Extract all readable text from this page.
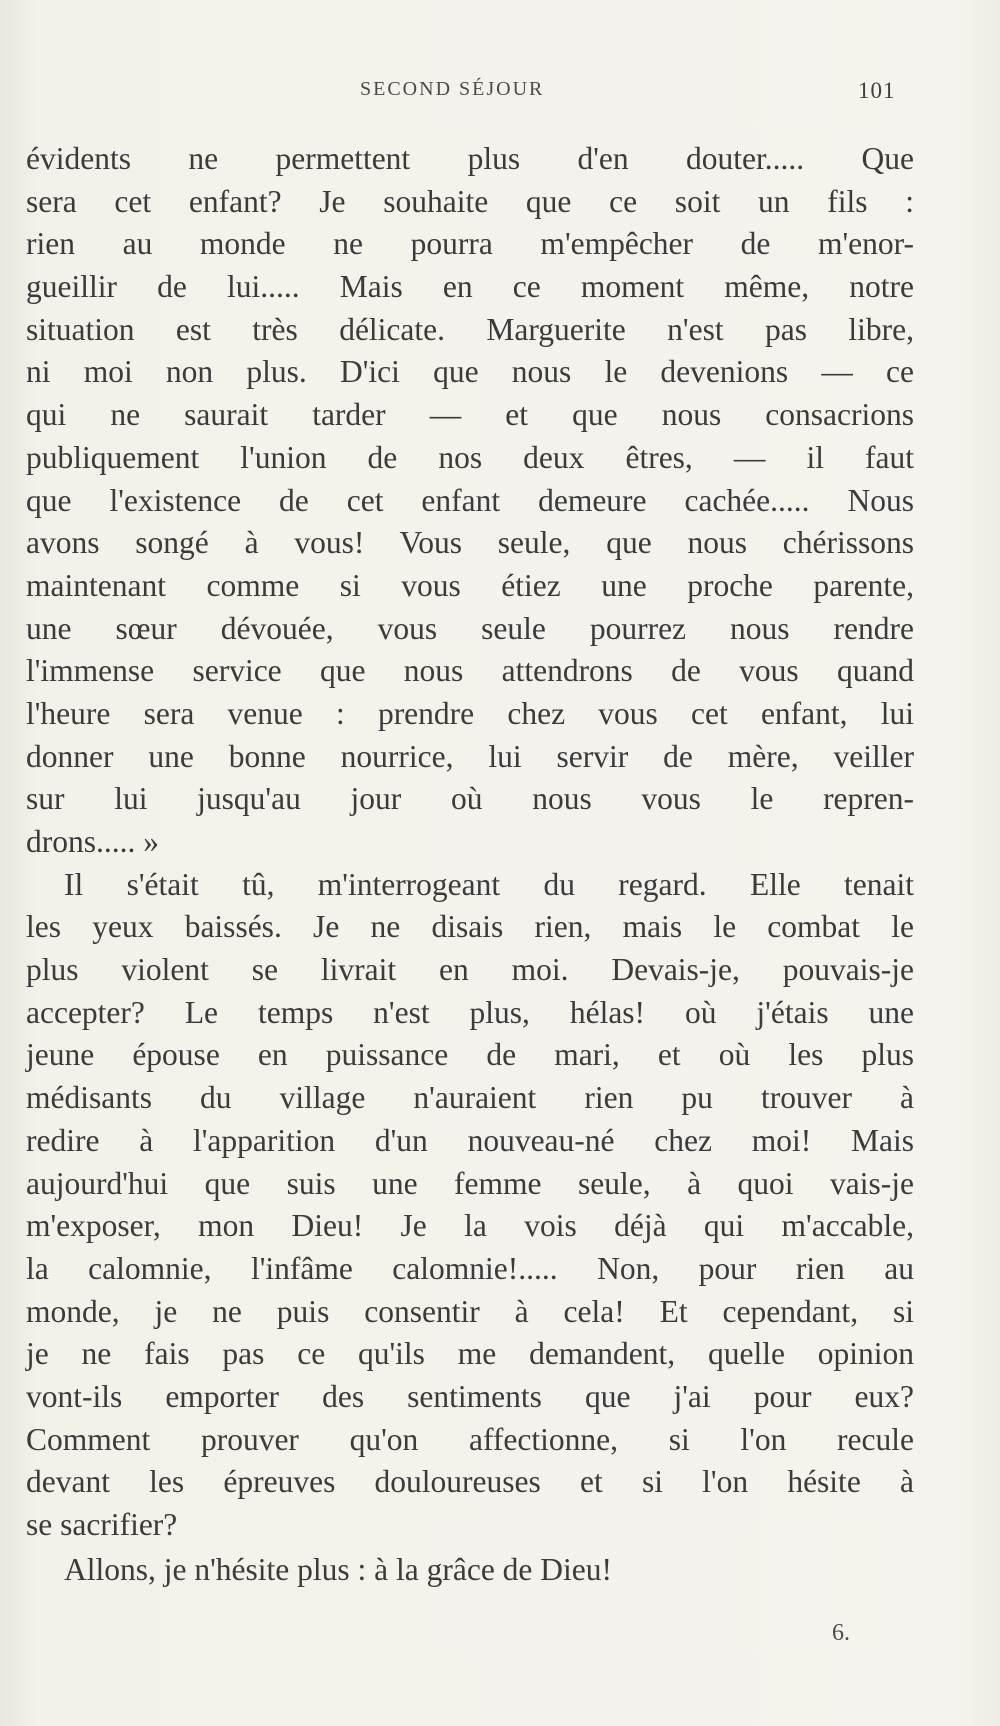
SECOND SÉJOUR	101
évidents ne permettent plus d'en douter..... Que
sera cet enfant? Je souhaite que ce soit un fils :
rien au monde ne pourra m'empêcher de m'enor-
gueillir de lui..... Mais en ce moment même, notre
situation est très délicate. Marguerite n'est pas libre,
ni moi non plus. D'ici que nous le devenions — ce
qui ne saurait tarder — et que nous consacrions
publiquement l'union de nos deux êtres, — il faut
que l'existence de cet enfant demeure cachée..... Nous
avons songé à vous! Vous seule, que nous chérissons
maintenant comme si vous étiez une proche parente,
une sœur dévouée, vous seule pourrez nous rendre
l'immense service que nous attendrons de vous quand
l'heure sera venue : prendre chez vous cet enfant, lui
donner une bonne nourrice, lui servir de mère, veiller
sur lui jusqu'au jour où nous vous le repren-
drons..... »
Il s'était tû, m'interrogeant du regard. Elle tenait
les yeux baissés. Je ne disais rien, mais le combat le
plus violent se livrait en moi. Devais-je, pouvais-je
accepter? Le temps n'est plus, hélas! où j'étais une
jeune épouse en puissance de mari, et où les plus
médisants du village n'auraient rien pu trouver à
redire à l'apparition d'un nouveau-né chez moi! Mais
aujourd'hui que suis une femme seule, à quoi vais-je
m'exposer, mon Dieu! Je la vois déjà qui m'accable,
la calomnie, l'infâme calomnie!..... Non, pour rien au
monde, je ne puis consentir à cela! Et cependant, si
je ne fais pas ce qu'ils me demandent, quelle opinion
vont-ils emporter des sentiments que j'ai pour eux?
Comment prouver qu'on affectionne, si l'on recule
devant les épreuves douloureuses et si l'on hésite à
se sacrifier?
Allons, je n'hésite plus : à la grâce de Dieu!
6.
